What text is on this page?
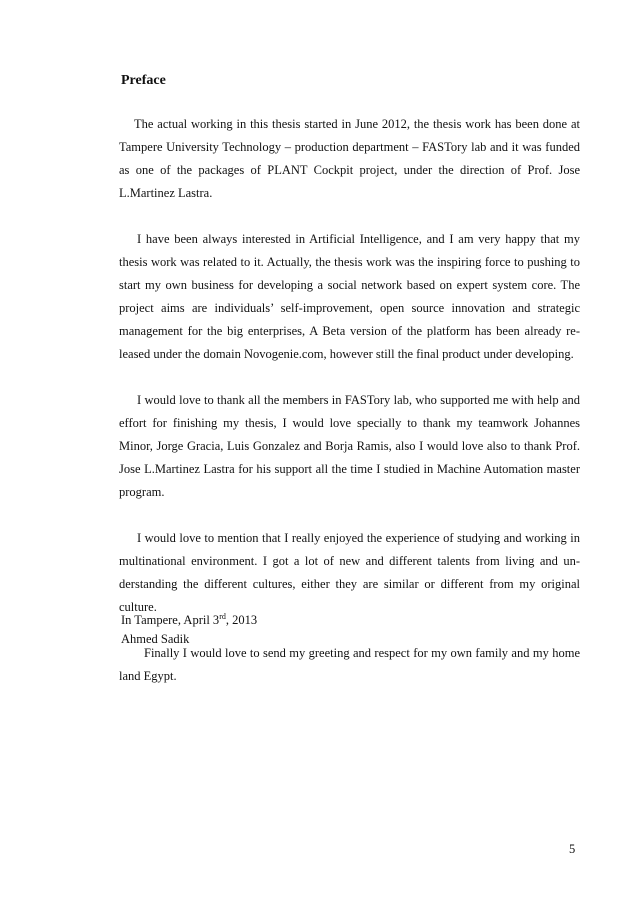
Preface

The actual working in this thesis started in June 2012, the thesis work has been done at Tampere University Technology – production department – FASTory lab and it was funded as one of the packages of PLANT Cockpit project, under the direction of Prof. Jose L.Martinez Lastra.

I have been always interested in Artificial Intelligence, and I am very happy that my thesis work was related to it. Actually, the thesis work was the inspiring force to pushing to start my own business for developing a social network based on expert system core. The project aims are individuals’ self-improvement, open source innovation and strategic management for the big enterprises, A Beta version of the platform has been already released under the domain Novogenie.com, however still the final product under developing.

I would love to thank all the members in FASTory lab, who supported me with help and effort for finishing my thesis, I would love specially to thank my teamwork Johannes Minor, Jorge Gracia, Luis Gonzalez and Borja Ramis, also I would love also to thank Prof. Jose L.Martinez Lastra for his support all the time I studied in Machine Automation master program.

I would love to mention that I really enjoyed the experience of studying and working in multinational environment. I got a lot of new and different talents from living and understanding the different cultures, either they are similar or different from my original culture.

Finally I would love to send my greeting and respect for my own family and my home land Egypt.

In Tampere, April 3rd, 2013
Ahmed Sadik
5
